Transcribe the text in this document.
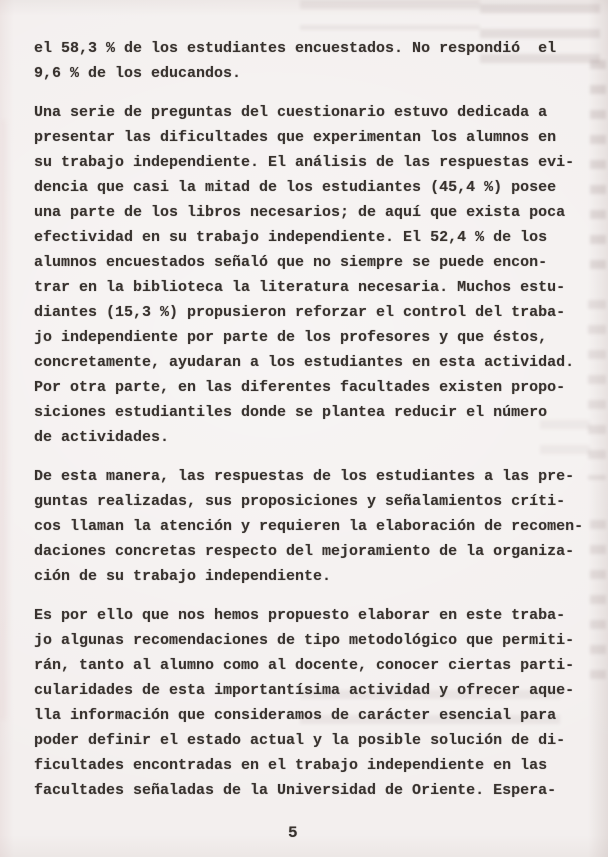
el 58,3 % de los estudiantes encuestados. No respondió  el
9,6 % de los educandos.
Una serie de preguntas del cuestionario estuvo dedicada a
presentar las dificultades que experimentan los alumnos en
su trabajo independiente. El análisis de las respuestas evi-
dencia que casi la mitad de los estudiantes (45,4 %) posee
una parte de los libros necesarios; de aquí que exista poca
efectividad en su trabajo independiente. El 52,4 % de los
alumnos encuestados señaló que no siempre se puede encon-
trar en la biblioteca la literatura necesaria. Muchos estu-
diantes (15,3 %) propusieron reforzar el control del traba-
jo independiente por parte de los profesores y que éstos,
concretamente, ayudaran a los estudiantes en esta actividad.
Por otra parte, en las diferentes facultades existen propo-
siciones estudiantiles donde se plantea reducir el número
de actividades.
De esta manera, las respuestas de los estudiantes a las pre-
guntas realizadas, sus proposiciones y señalamientos críti-
cos llaman la atención y requieren la elaboración de recomen-
daciones concretas respecto del mejoramiento de la organiza-
ción de su trabajo independiente.
Es por ello que nos hemos propuesto elaborar en este traba-
jo algunas recomendaciones de tipo metodológico que permiti-
rán, tanto al alumno como al docente, conocer ciertas parti-
cularidades de esta importantísima actividad y ofrecer aque-
lla información que consideramos de carácter esencial para
poder definir el estado actual y la posible solución de di-
ficultades encontradas en el trabajo independiente en las
facultades señaladas de la Universidad de Oriente. Espera-
5
